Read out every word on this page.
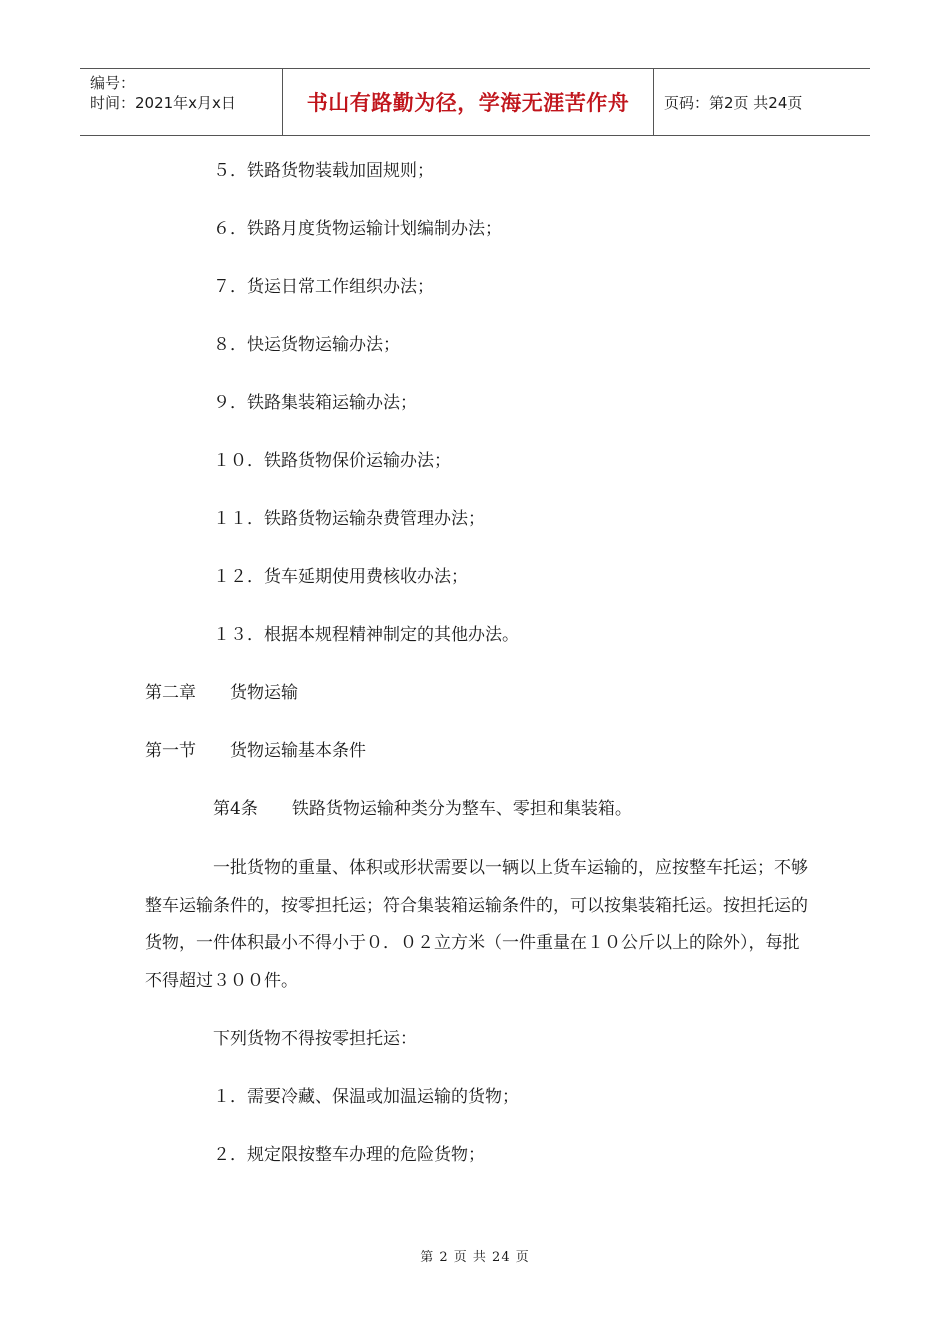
编号：
时间：2021年x月x日	书山有路勤为径，学海无涯苦作舟 页码：第2页 共24页
５．铁路货物装载加固规则；
６．铁路月度货物运输计划编制办法；
７．货运日常工作组织办法；
８．快运货物运输办法；
９．铁路集装箱运输办法；
１０．铁路货物保价运输办法；
１１．铁路货物运输杂费管理办法；
１２．货车延期使用费核收办法；
１３．根据本规程精神制定的其他办法。
第二章　　货物运输
第一节　　货物运输基本条件
第4条　　铁路货物运输种类分为整车、零担和集装箱。
一批货物的重量、体积或形状需要以一辆以上货车运输的，应按整车托运；不够整车运输条件的，按零担托运；符合集装箱运输条件的，可以按集装箱托运。按担托运的货物，一件体积最小不得小于０．０２立方米（一件重量在１０公斤以上的除外），每批不得超过３００件。
下列货物不得按零担托运：
１．需要冷藏、保温或加温运输的货物；
２．规定限按整车办理的危险货物；
第 2 页 共 24 页
